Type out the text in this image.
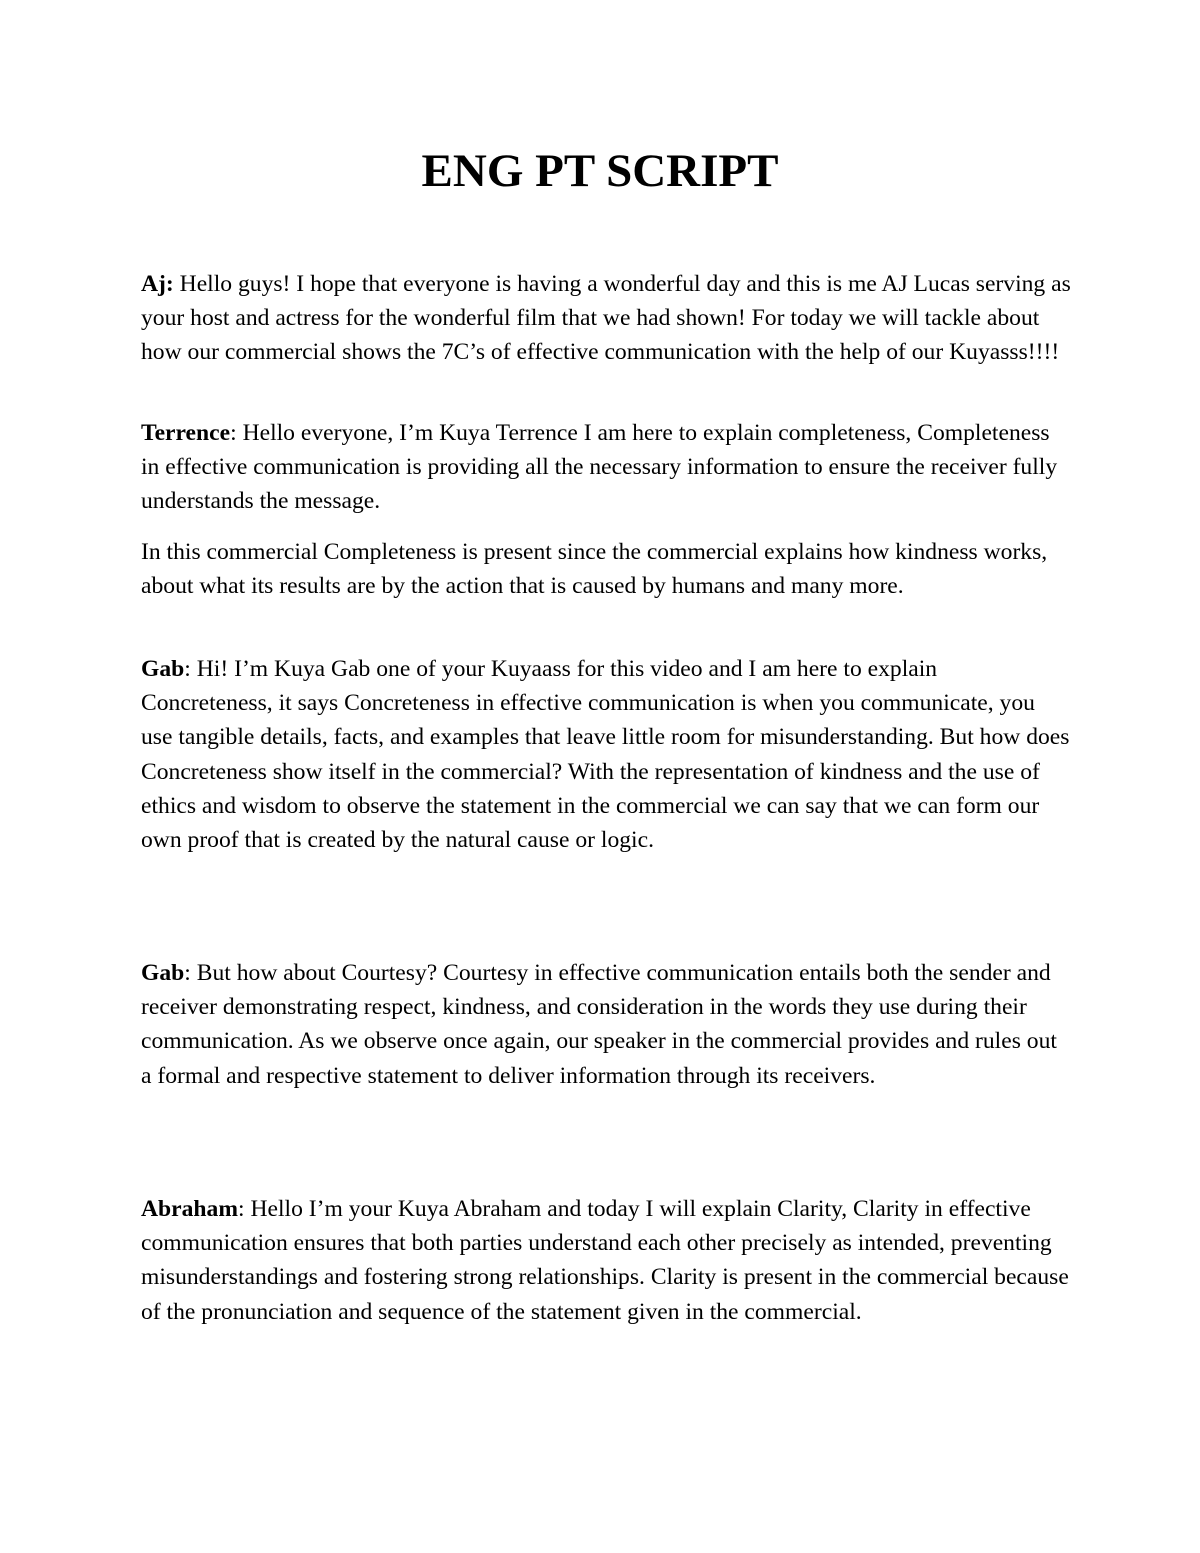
ENG PT SCRIPT

Aj: Hello guys! I hope that everyone is having a wonderful day and this is me AJ Lucas serving as your host and actress for the wonderful film that we had shown! For today we will tackle about how our commercial shows the 7C’s of effective communication with the help of our Kuyasss!!!!

Terrence: Hello everyone, I’m Kuya Terrence I am here to explain completeness, Completeness in effective communication is providing all the necessary information to ensure the receiver fully understands the message.

In this commercial Completeness is present since the commercial explains how kindness works, about what its results are by the action that is caused by humans and many more.

Gab: Hi! I’m Kuya Gab one of your Kuyaass for this video and I am here to explain Concreteness, it says Concreteness in effective communication is when you communicate, you use tangible details, facts, and examples that leave little room for misunderstanding. But how does Concreteness show itself in the commercial? With the representation of kindness and the use of ethics and wisdom to observe the statement in the commercial we can say that we can form our own proof that is created by the natural cause or logic.

Gab: But how about Courtesy? Courtesy in effective communication entails both the sender and receiver demonstrating respect, kindness, and consideration in the words they use during their communication. As we observe once again, our speaker in the commercial provides and rules out a formal and respective statement to deliver information through its receivers.

Abraham: Hello I’m your Kuya Abraham and today I will explain Clarity, Clarity in effective communication ensures that both parties understand each other precisely as intended, preventing misunderstandings and fostering strong relationships. Clarity is present in the commercial because of the pronunciation and sequence of the statement given in the commercial.
